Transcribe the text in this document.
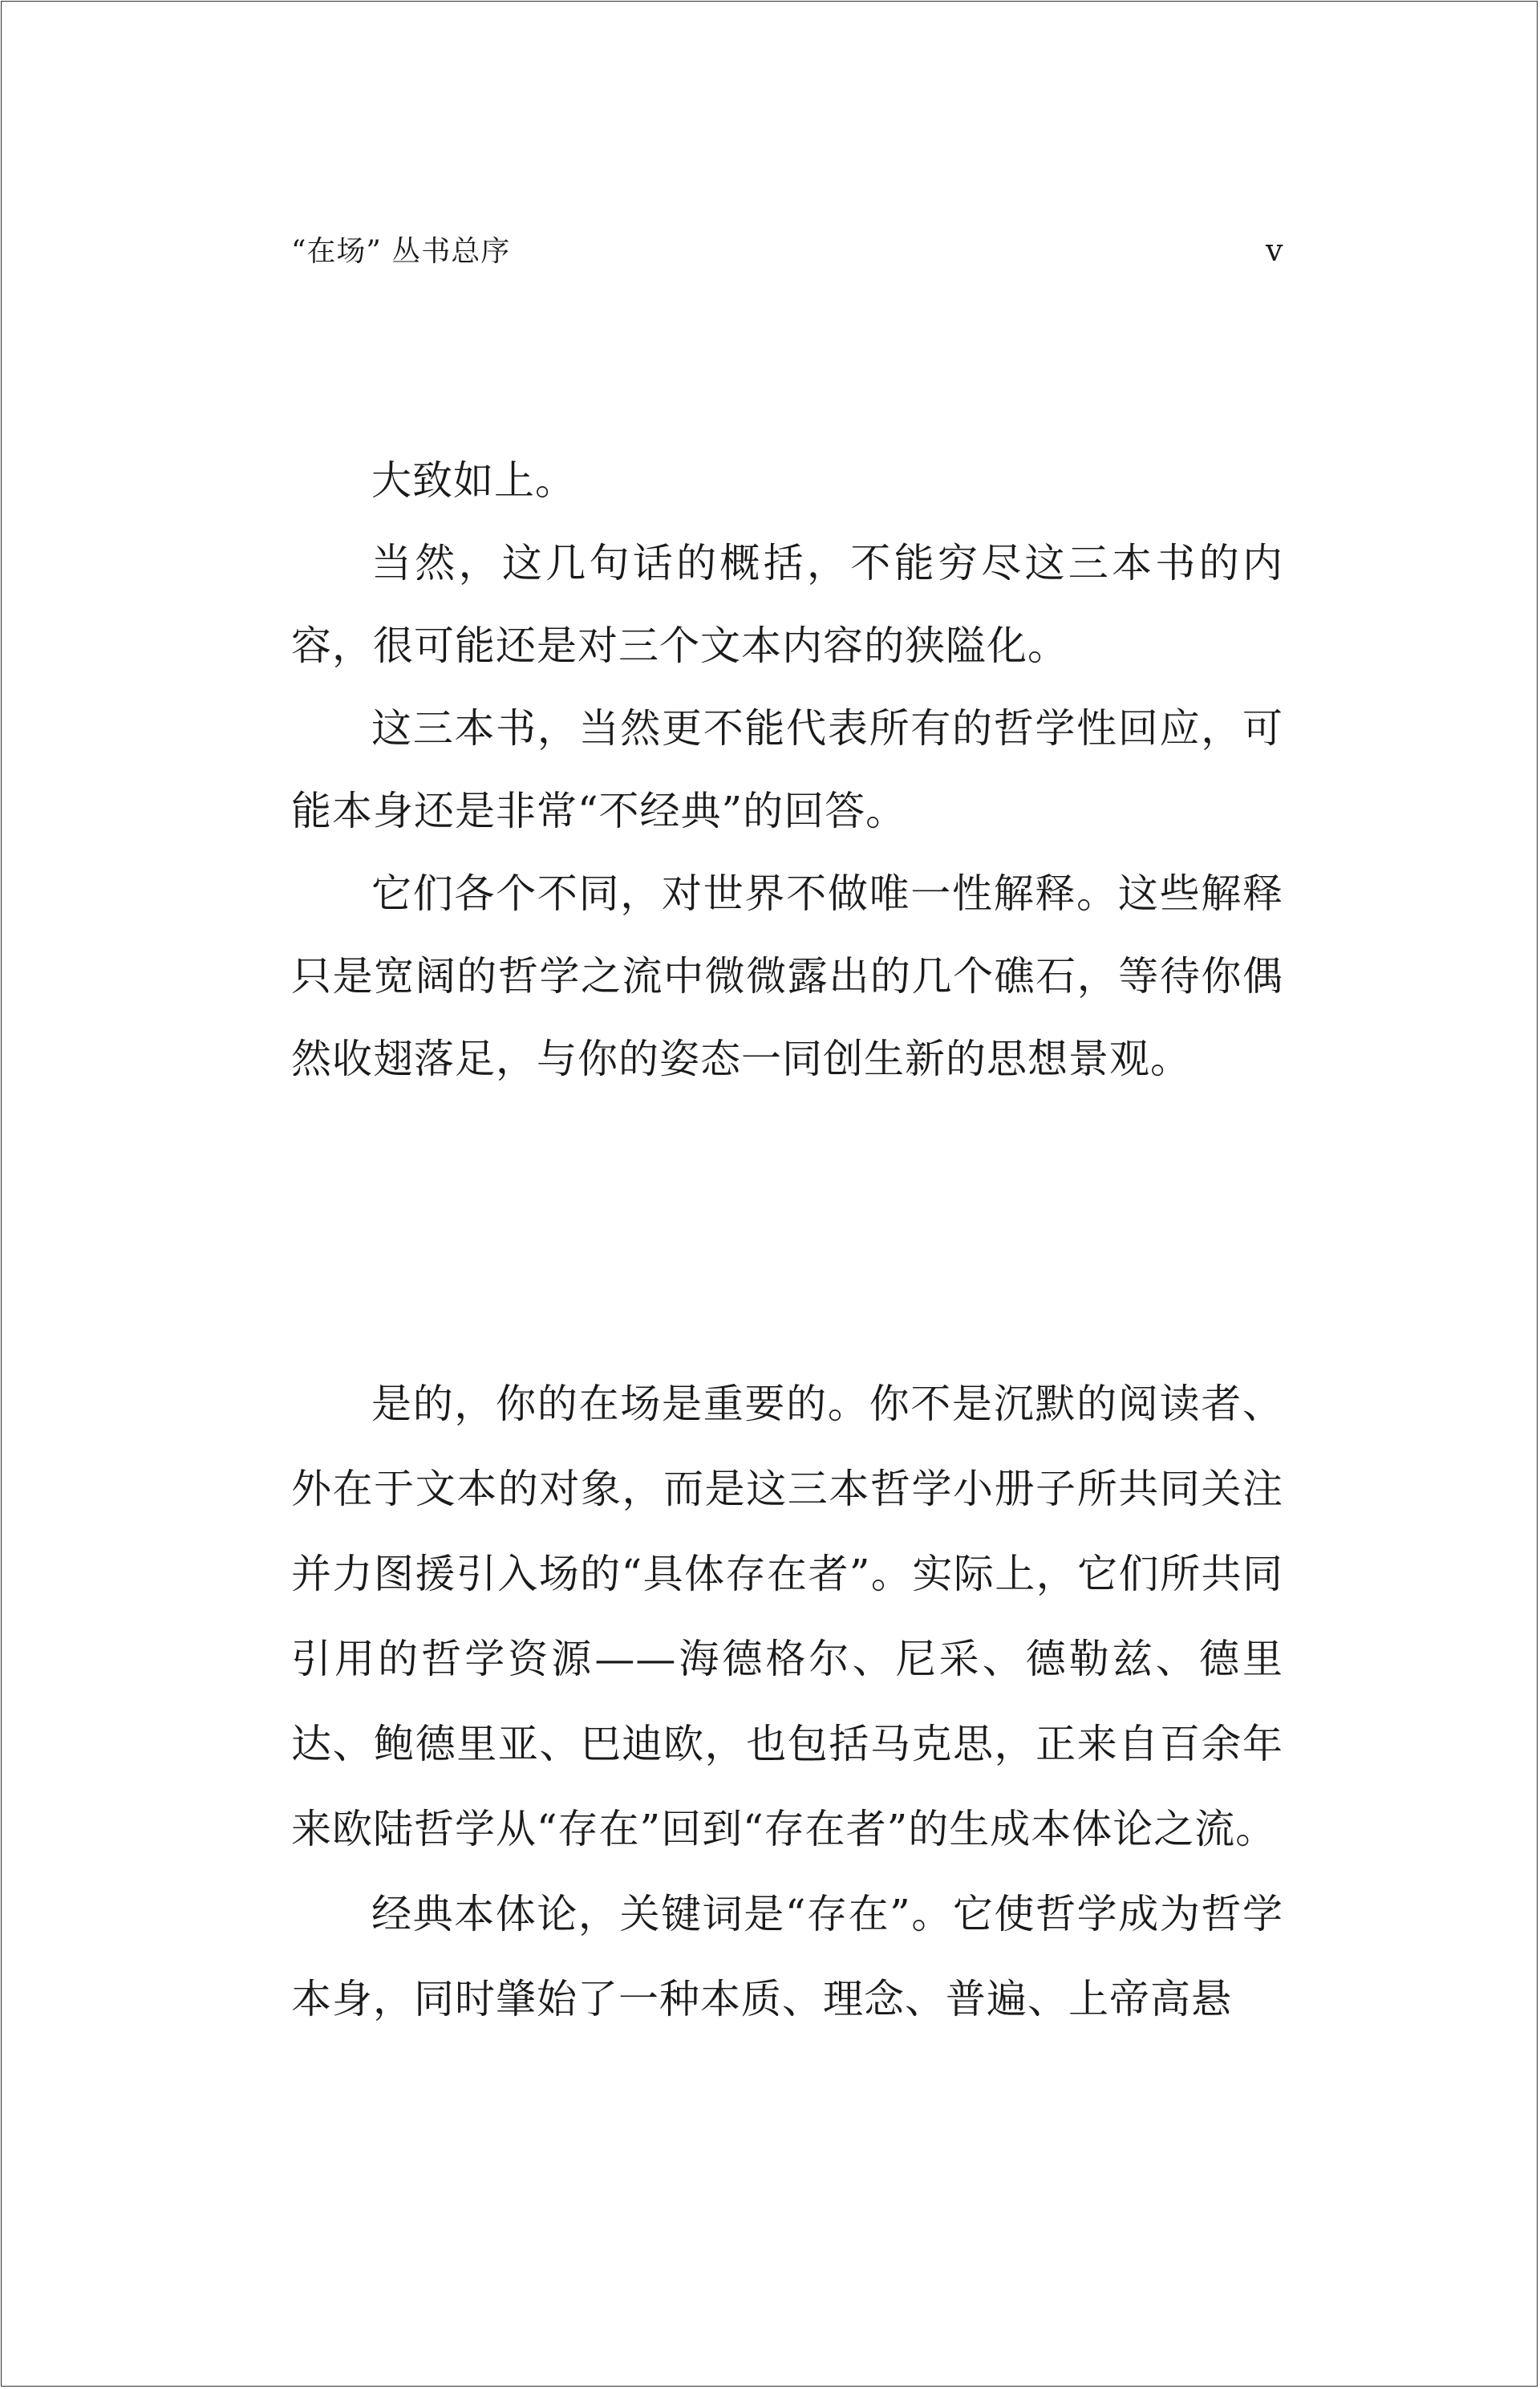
“在场” 丛书总序	v

大致如上。

当然，这几句话的概括，不能穷尽这三本书的内容，很可能还是对三个文本内容的狭隘化。

这三本书，当然更不能代表所有的哲学性回应，可能本身还是非常“不经典”的回答。

它们各个不同，对世界不做唯一性解释。这些解释只是宽阔的哲学之流中微微露出的几个礁石，等待你偶然收翅落足，与你的姿态一同创生新的思想景观。

是的，你的在场是重要的。你不是沉默的阅读者、外在于文本的对象，而是这三本哲学小册子所共同关注并力图援引入场的“具体存在者”。实际上，它们所共同引用的哲学资源——海德格尔、尼采、德勒兹、德里达、鲍德里亚、巴迪欧，也包括马克思，正来自百余年来欧陆哲学从“存在”回到“存在者”的生成本体论之流。

经典本体论，关键词是“存在”。它使哲学成为哲学本身，同时肇始了一种本质、理念、普遍、上帝高悬
